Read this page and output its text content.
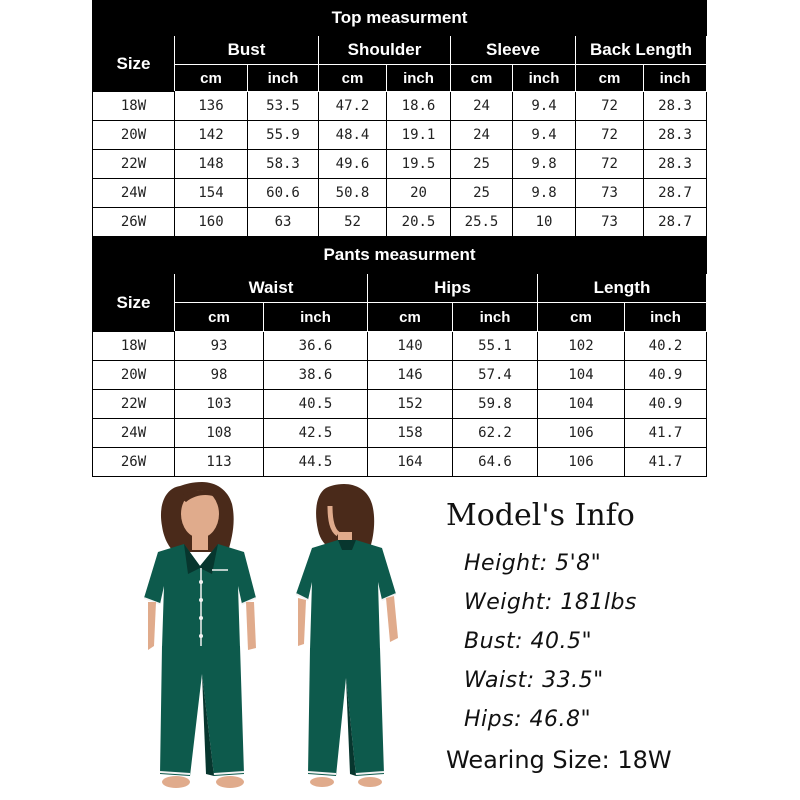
Top measurment								
Size	Bust		Shoulder		Sleeve		Back Length	
	cm	inch	cm	inch	cm	inch	cm	inch
18W	136	53.5	47.2	18.6	24	9.4	72	28.3
20W	142	55.9	48.4	19.1	24	9.4	72	28.3
22W	148	58.3	49.6	19.5	25	9.8	72	28.3
24W	154	60.6	50.8	20	25	9.8	73	28.7
26W	160	63	52	20.5	25.5	10	73	28.7
Pants measurment						
Size	Waist		Hips		Length	
	cm	inch	cm	inch	cm	inch
18W	93	36.6	140	55.1	102	40.2
20W	98	38.6	146	57.4	104	40.9
22W	103	40.5	152	59.8	104	40.9
24W	108	42.5	158	62.2	106	41.7
26W	113	44.5	164	64.6	106	41.7
Model's Info
Height: 5'8"
Weight: 181lbs
Bust: 40.5"
Waist: 33.5"
Hips: 46.8"
Wearing Size: 18W
